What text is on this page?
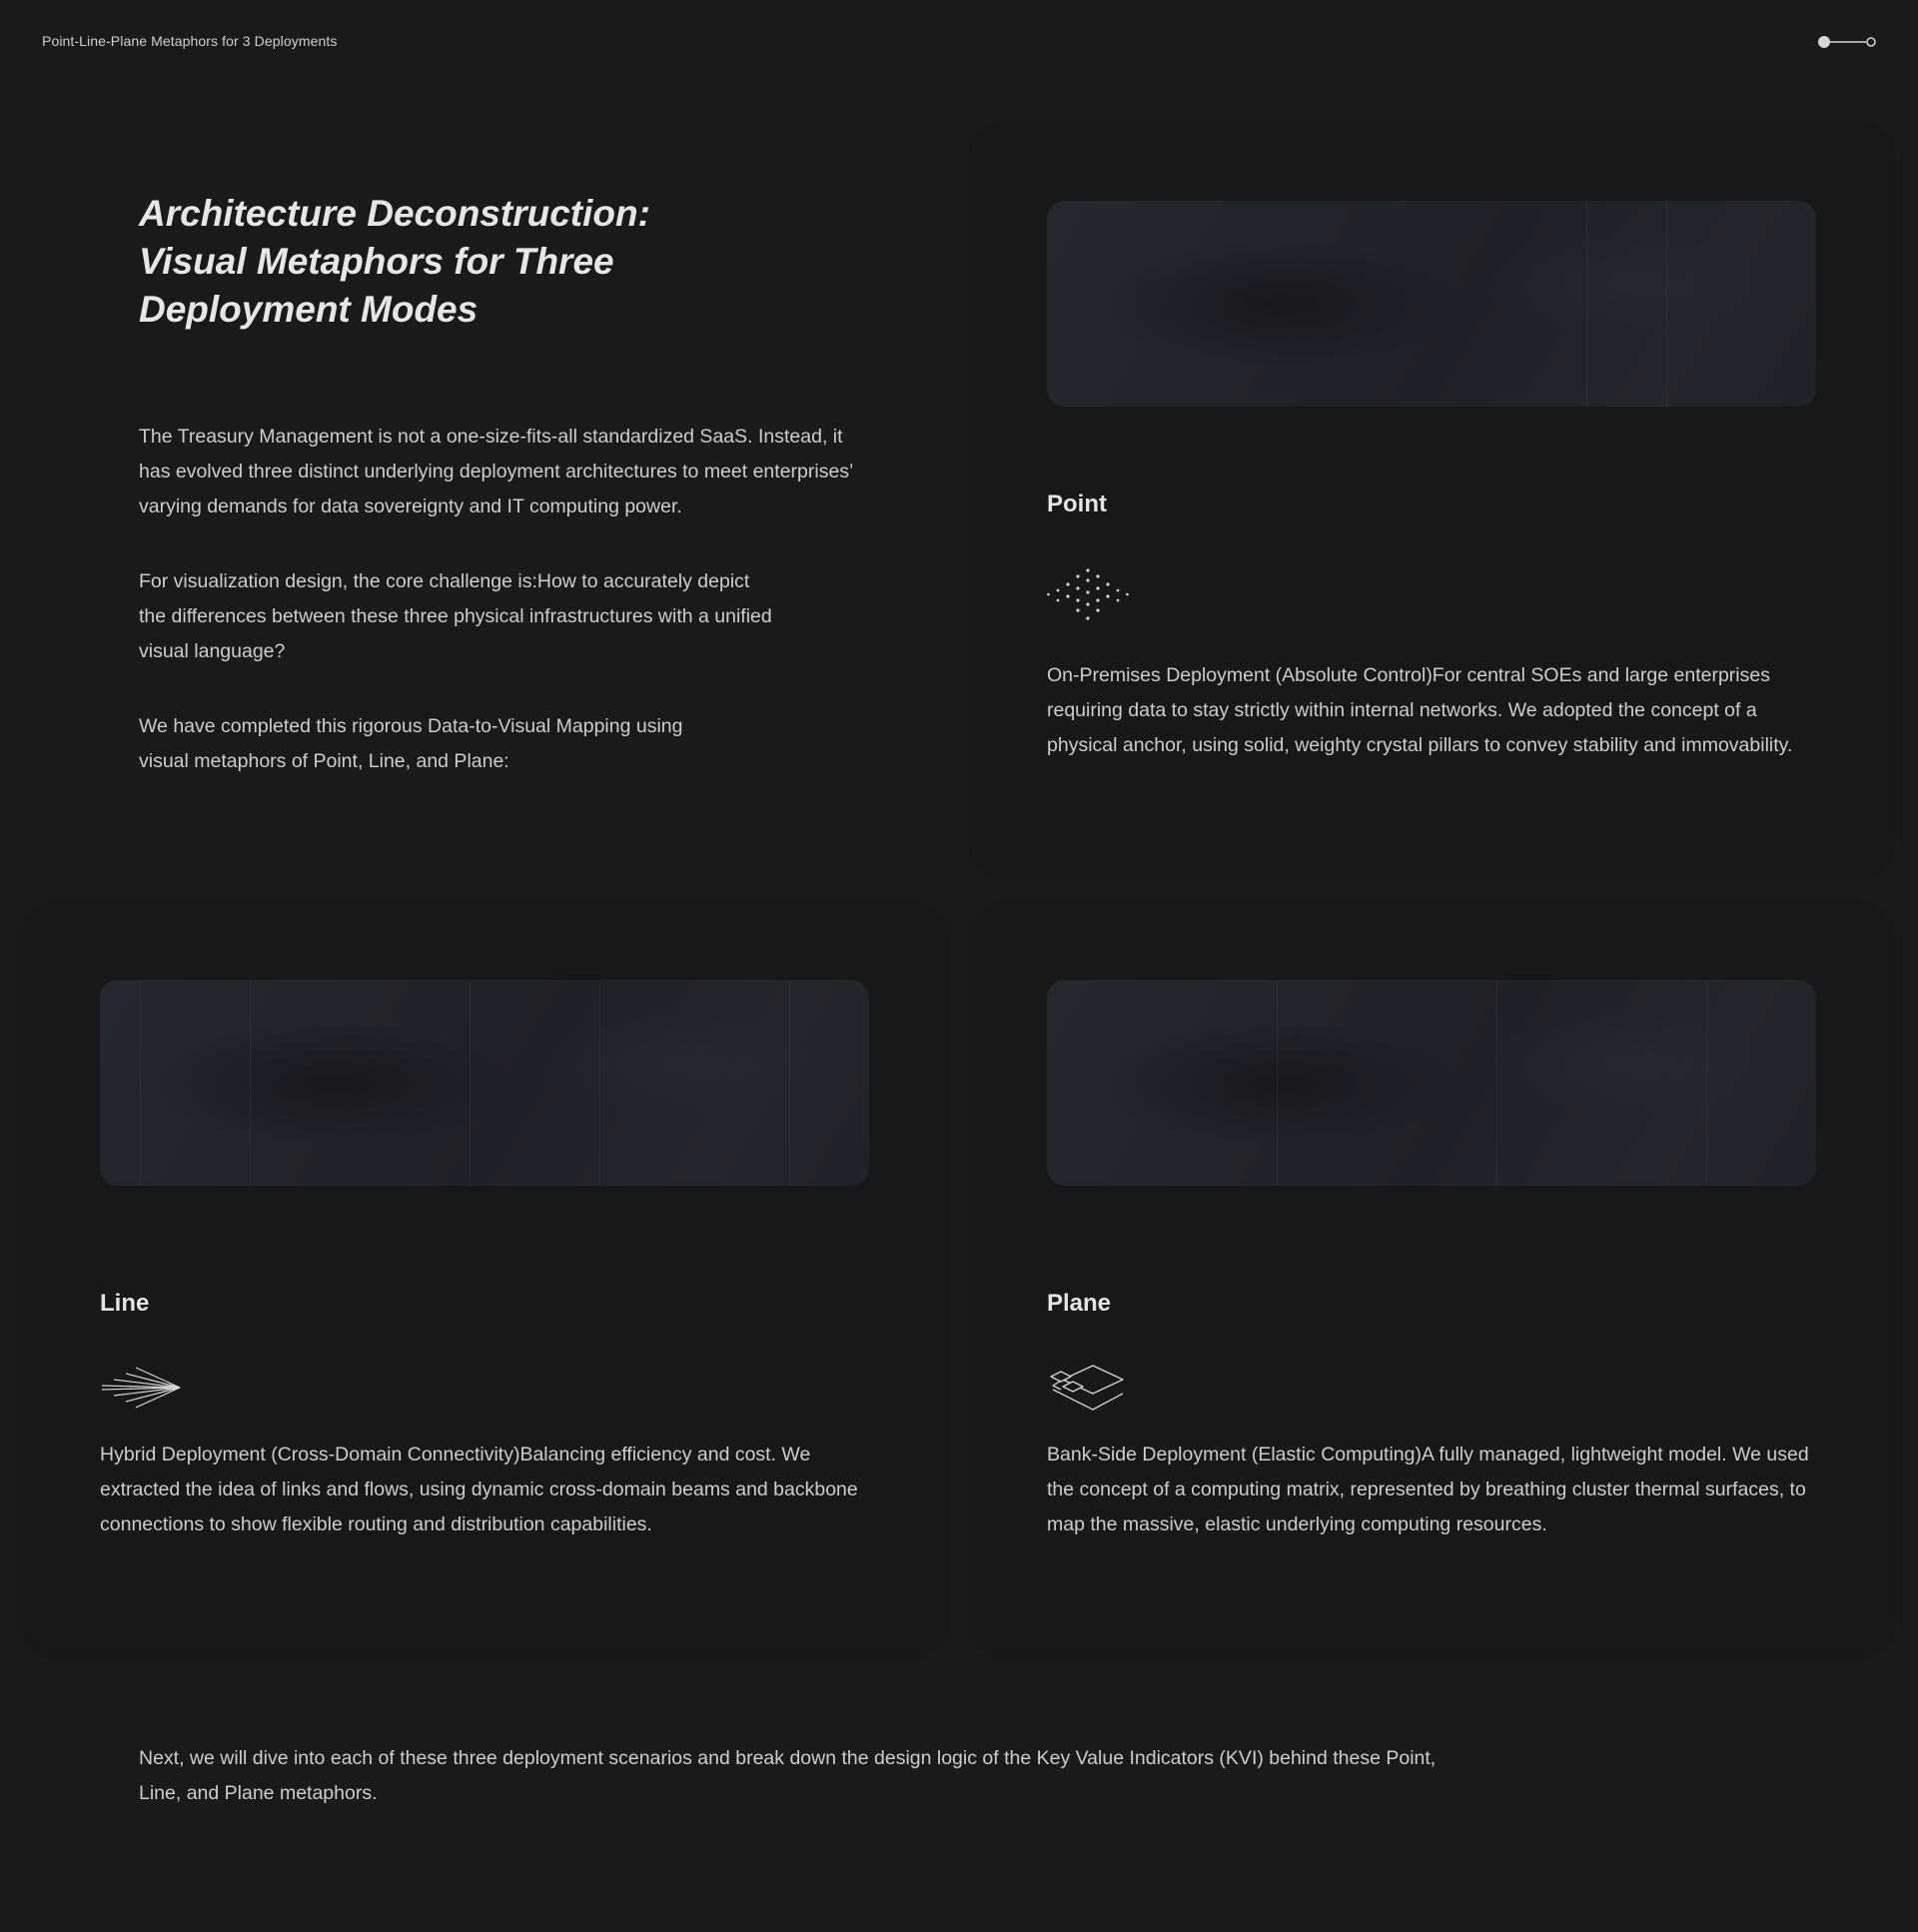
Point-Line-Plane Metaphors for 3 Deployments
Architecture Deconstruction: Visual Metaphors for Three Deployment Modes

The Treasury Management is not a one-size-fits-all standardized SaaS. Instead, it has evolved three distinct underlying deployment architectures to meet enterprises’ varying demands for data sovereignty and IT computing power.

For visualization design, the core challenge is:How to accurately depict the differences between these three physical infrastructures with a unified visual language?

We have completed this rigorous Data-to-Visual Mapping using visual metaphors of Point, Line, and Plane:

Point

On-Premises Deployment (Absolute Control)For central SOEs and large enterprises requiring data to stay strictly within internal networks. We adopted the concept of a physical anchor, using solid, weighty crystal pillars to convey stability and immovability.

Line

Hybrid Deployment (Cross-Domain Connectivity)Balancing efficiency and cost. We extracted the idea of links and flows, using dynamic cross-domain beams and backbone connections to show flexible routing and distribution capabilities.

Plane

Bank-Side Deployment (Elastic Computing)A fully managed, lightweight model. We used the concept of a computing matrix, represented by breathing cluster thermal surfaces, to map the massive, elastic underlying computing resources.

Next, we will dive into each of these three deployment scenarios and break down the design logic of the Key Value Indicators (KVI) behind these Point, Line, and Plane metaphors.
